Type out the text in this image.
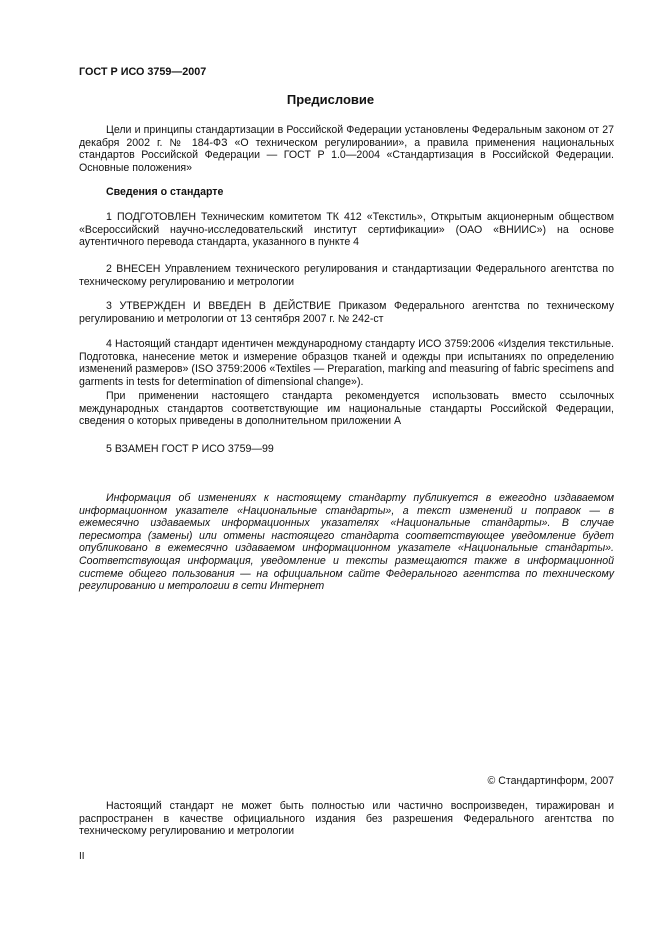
ГОСТ Р ИСО 3759—2007
Предисловие

Цели и принципы стандартизации в Российской Федерации установлены Федеральным законом от 27 декабря 2002 г. № 184-ФЗ «О техническом регулировании», а правила применения национальных стандартов Российской Федерации — ГОСТ Р 1.0—2004 «Стандартизация в Российской Федерации. Основные положения»

Сведения о стандарте

1 ПОДГОТОВЛЕН Техническим комитетом ТК 412 «Текстиль», Открытым акционерным обществом «Всероссийский научно-исследовательский институт сертификации» (ОАО «ВНИИС») на основе аутентичного перевода стандарта, указанного в пункте 4

2 ВНЕСЕН Управлением технического регулирования и стандартизации Федерального агентства по техническому регулированию и метрологии

3 УТВЕРЖДЕН И ВВЕДЕН В ДЕЙСТВИЕ Приказом Федерального агентства по техническому регулированию и метрологии от 13 сентября 2007 г. № 242-ст

4 Настоящий стандарт идентичен международному стандарту ИСО 3759:2006 «Изделия текстильные. Подготовка, нанесение меток и измерение образцов тканей и одежды при испытаниях по определению изменений размеров» (ISO 3759:2006 «Textiles — Preparation, marking and measuring of fabric specimens and garments in tests for determination of dimensional change»).

При применении настоящего стандарта рекомендуется использовать вместо ссылочных международных стандартов соответствующие им национальные стандарты Российской Федерации, сведения о которых приведены в дополнительном приложении А

5 ВЗАМЕН ГОСТ Р ИСО 3759—99

Информация об изменениях к настоящему стандарту публикуется в ежегодно издаваемом информационном указателе «Национальные стандарты», а текст изменений и поправок — в ежемесячно издаваемых информационных указателях «Национальные стандарты». В случае пересмотра (замены) или отмены настоящего стандарта соответствующее уведомление будет опубликовано в ежемесячно издаваемом информационном указателе «Национальные стандарты». Соответствующая информация, уведомление и тексты размещаются также в информационной системе общего пользования — на официальном сайте Федерального агентства по техническому регулированию и метрологии в сети Интернет

© Стандартинформ, 2007

Настоящий стандарт не может быть полностью или частично воспроизведен, тиражирован и распространен в качестве официального издания без разрешения Федерального агентства по техническому регулированию и метрологии

II
